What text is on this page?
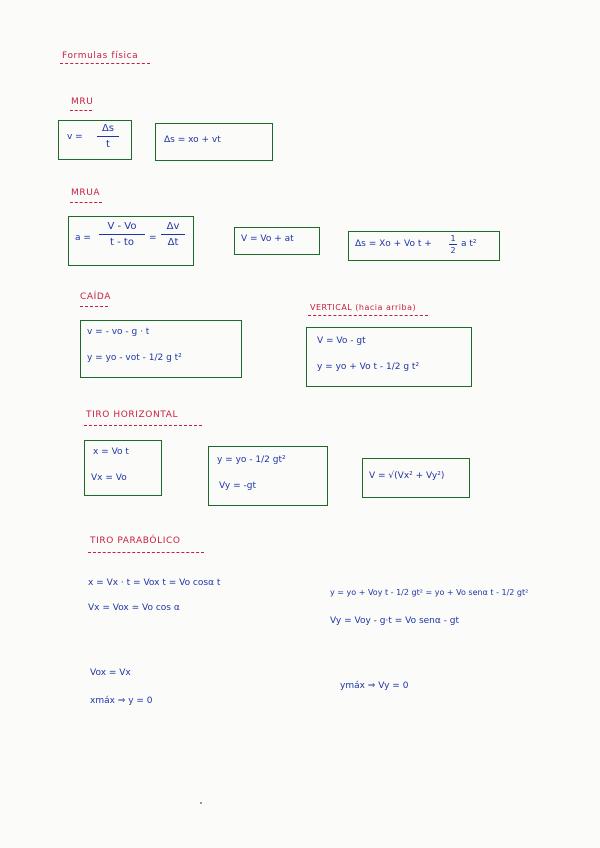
Formulas física
MRU
v =
Δs
t	Δs = xo + vt
MRUA
a =
V - Vo
t - to	=
Δv
Δt	V = Vo + at	Δs = Xo + Vo t +
1
2
a t²
CAÍDA
v = - vo - g · t
y = yo - vot - 1/2 g t²
VERTICAL (hacia arriba)
V = Vo - gt
y = yo + Vo t - 1/2 g t²
TIRO HORIZONTAL
x = Vo t
Vx = Vo
y = yo - 1/2 gt²
Vy = -gt
V = √(Vx² + Vy²)
TIRO PARABÓLICO
x = Vx · t = Vox t = Vo cosα t
Vx = Vox = Vo cos α
y = yo + Voy t - 1/2 gt² = yo + Vo senα t - 1/2 gt²
Vy = Voy - g·t = Vo senα - gt
Vox = Vx
xmáx ⇒ y = 0
ymáx ⇒ Vy = 0
